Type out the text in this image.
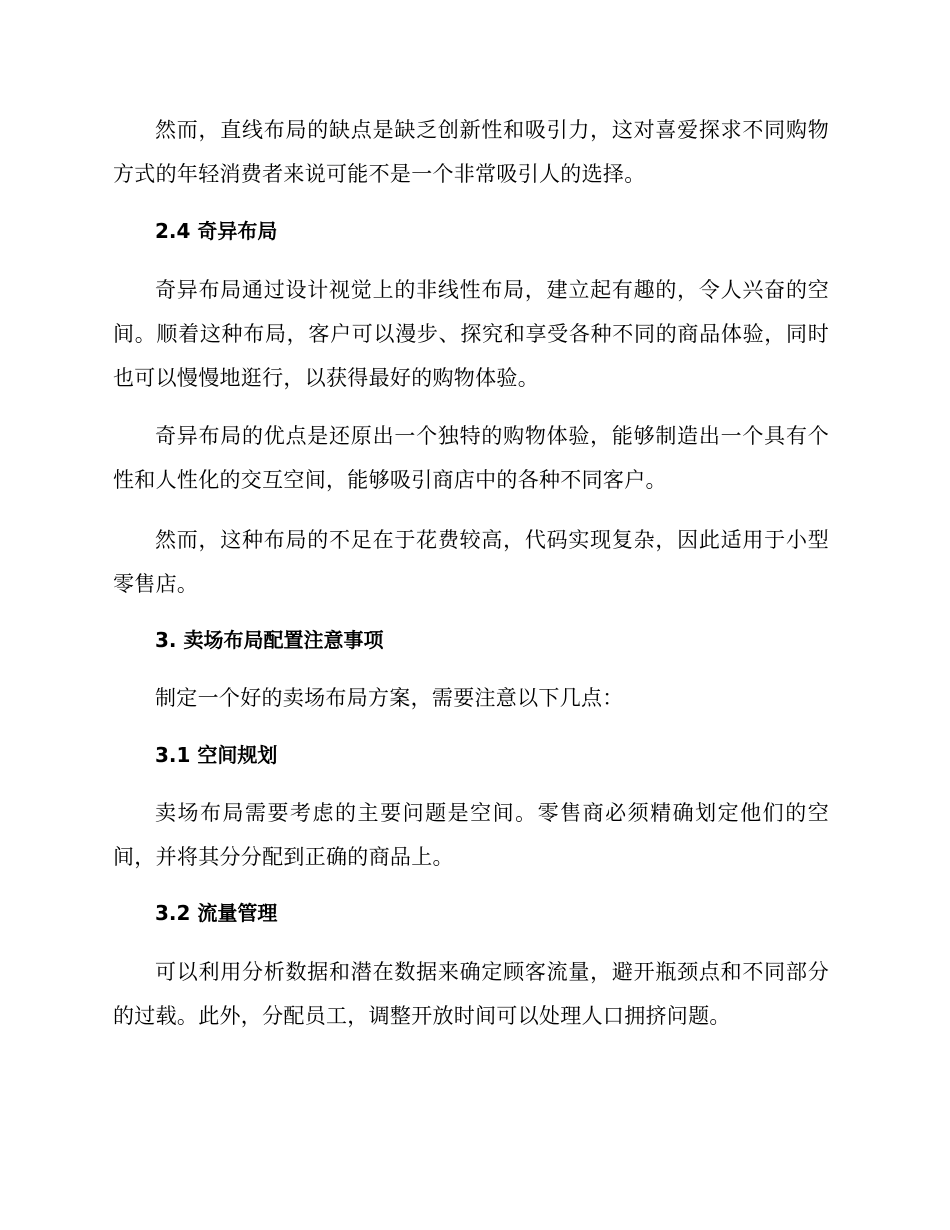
然而，直线布局的缺点是缺乏创新性和吸引力，这对喜爱探求不同购物方式的年轻消费者来说可能不是一个非常吸引人的选择。

2.4 奇异布局

奇异布局通过设计视觉上的非线性布局，建立起有趣的，令人兴奋的空间。顺着这种布局，客户可以漫步、探究和享受各种不同的商品体验，同时也可以慢慢地逛行，以获得最好的购物体验。

奇异布局的优点是还原出一个独特的购物体验，能够制造出一个具有个性和人性化的交互空间，能够吸引商店中的各种不同客户。

然而，这种布局的不足在于花费较高，代码实现复杂，因此适用于小型零售店。

3. 卖场布局配置注意事项

制定一个好的卖场布局方案，需要注意以下几点：

3.1 空间规划

卖场布局需要考虑的主要问题是空间。零售商必须精确划定他们的空间，并将其分分配到正确的商品上。

3.2 流量管理

可以利用分析数据和潜在数据来确定顾客流量，避开瓶颈点和不同部分的过载。此外，分配员工，调整开放时间可以处理人口拥挤问题。
